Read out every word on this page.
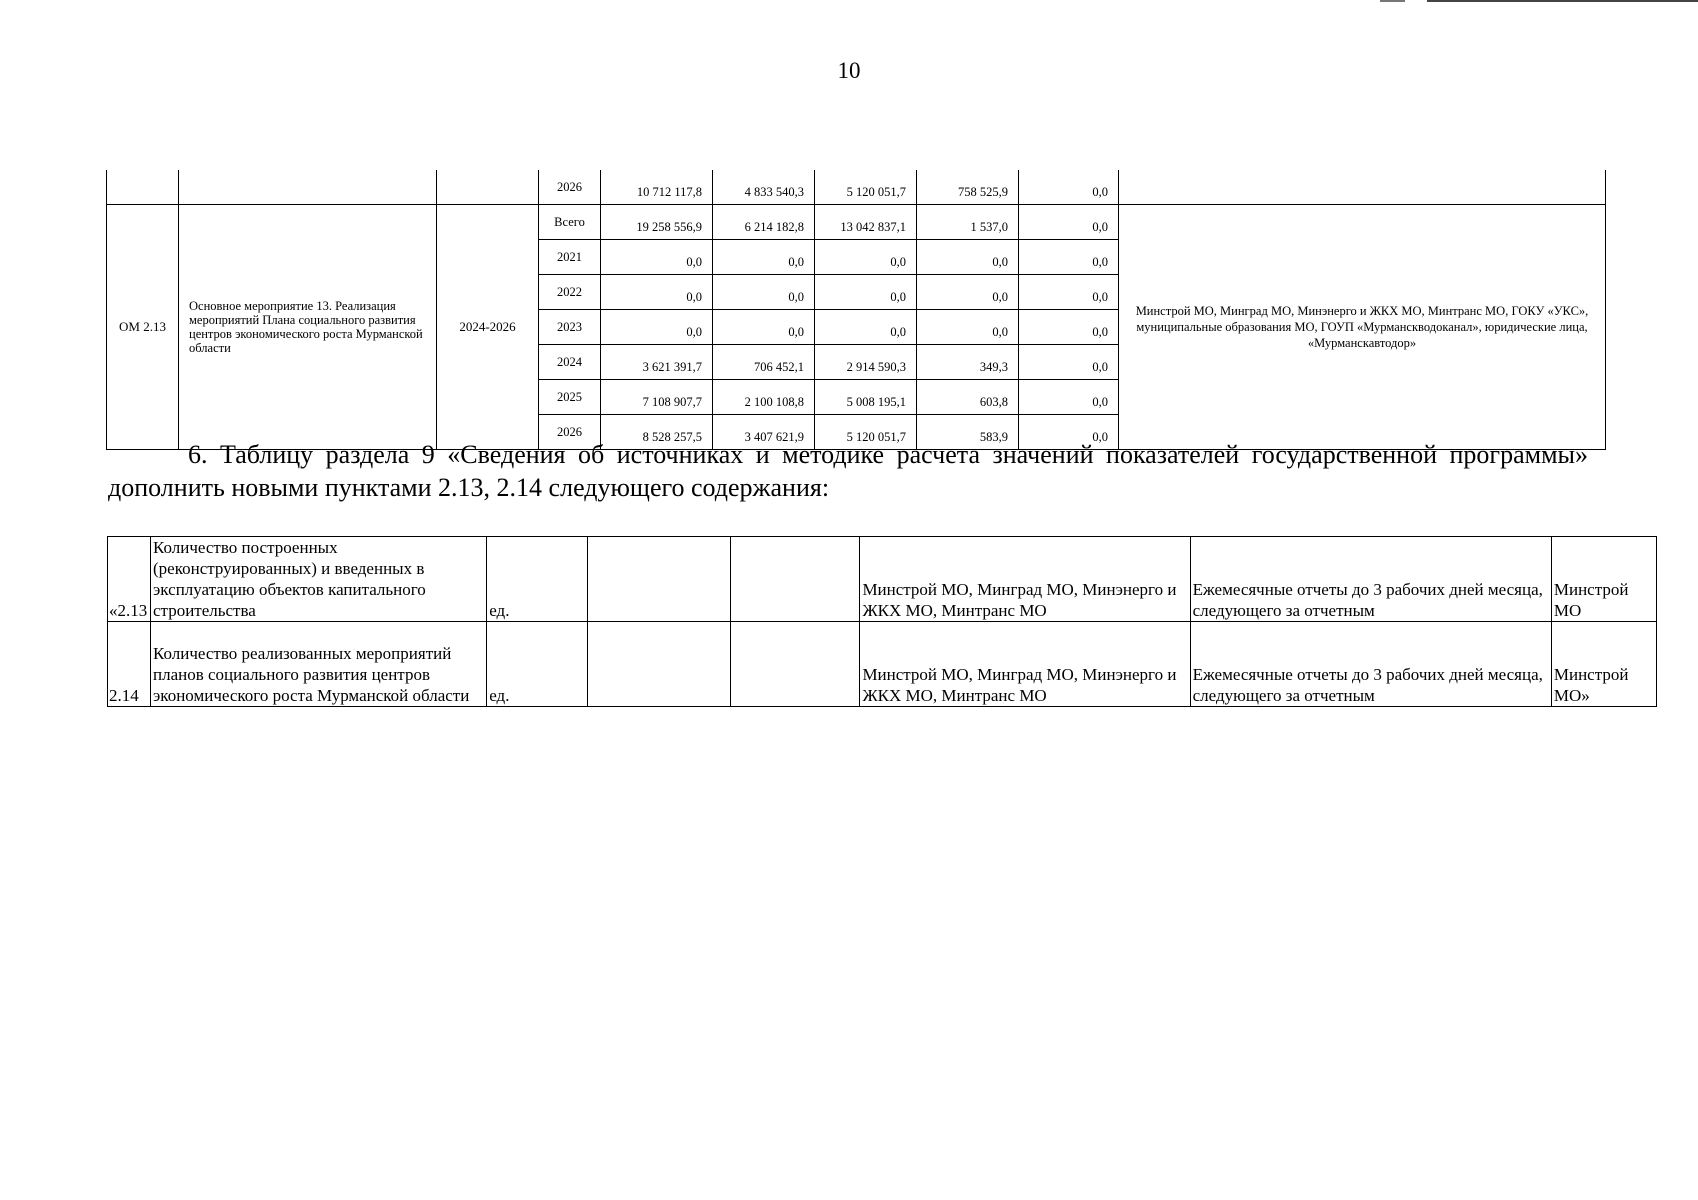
10
			2026	10 712 117,8	4 833 540,3	5 120 051,7	758 525,9	0,0	
ОМ 2.13	Основное мероприятие 13. Реализация мероприятий Плана социального развития центров экономического роста Мурманской области	2024-2026	Всего	19 258 556,9	6 214 182,8	13 042 837,1	1 537,0	0,0	Минстрой МО, Минград МО, Минэнерго и ЖКХ МО, Минтранс МО, ГОКУ «УКС», муниципальные образования МО, ГОУП «Мурманскводоканал», юридические лица, «Мурманскавтодор»
			2021	0,0	0,0	0,0	0,0	0,0	
			2022	0,0	0,0	0,0	0,0	0,0	
			2023	0,0	0,0	0,0	0,0	0,0	
			2024	3 621 391,7	706 452,1	2 914 590,3	349,3	0,0	
			2025	7 108 907,7	2 100 108,8	5 008 195,1	603,8	0,0	
			2026	8 528 257,5	3 407 621,9	5 120 051,7	583,9	0,0	
6. Таблицу раздела 9 «Сведения об источниках и методике расчета значений показателей государственной программы» дополнить новыми пунктами 2.13, 2.14 следующего содержания:
«2.13	Количество построенных (реконструированных) и введенных в эксплуатацию объектов капитального строительства	ед.			Минстрой МО, Минград МО, Минэнерго и ЖКХ МО, Минтранс МО	Ежемесячные отчеты до 3 рабочих дней месяца, следующего за отчетным	Минстрой МО
2.14	Количество реализованных мероприятий планов социального развития центров экономического роста Мурманской области	ед.			Минстрой МО, Минград МО, Минэнерго и ЖКХ МО, Минтранс МО	Ежемесячные отчеты до 3 рабочих дней месяца, следующего за отчетным	Минстрой МО»
